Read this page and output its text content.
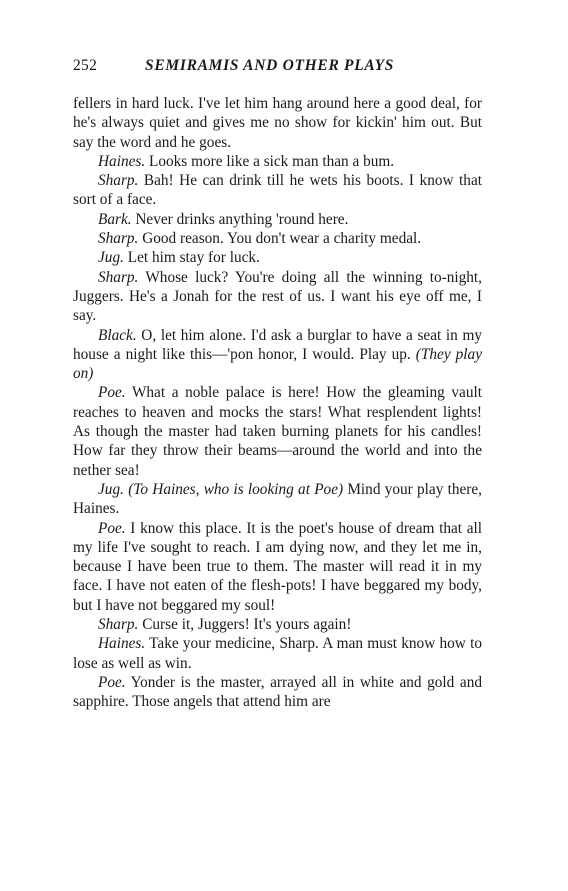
252	SEMIRAMIS AND OTHER PLAYS

fellers in hard luck. I've let him hang around here a good deal, for he's always quiet and gives me no show for kickin' him out. But say the word and he goes.

Haines. Looks more like a sick man than a bum.

Sharp. Bah! He can drink till he wets his boots. I know that sort of a face.

Bark. Never drinks anything 'round here.

Sharp. Good reason. You don't wear a charity medal.

Jug. Let him stay for luck.

Sharp. Whose luck? You're doing all the winning to-night, Juggers. He's a Jonah for the rest of us. I want his eye off me, I say.

Black. O, let him alone. I'd ask a burglar to have a seat in my house a night like this—'pon honor, I would. Play up. (They play on)

Poe. What a noble palace is here! How the gleaming vault reaches to heaven and mocks the stars! What resplendent lights! As though the master had taken burning planets for his candles! How far they throw their beams—around the world and into the nether sea!

Jug. (To Haines, who is looking at Poe) Mind your play there, Haines.

Poe. I know this place. It is the poet's house of dream that all my life I've sought to reach. I am dying now, and they let me in, because I have been true to them. The master will read it in my face. I have not eaten of the flesh-pots! I have beggared my body, but I have not beggared my soul!

Sharp. Curse it, Juggers! It's yours again!

Haines. Take your medicine, Sharp. A man must know how to lose as well as win.

Poe. Yonder is the master, arrayed all in white and gold and sapphire. Those angels that attend him are
